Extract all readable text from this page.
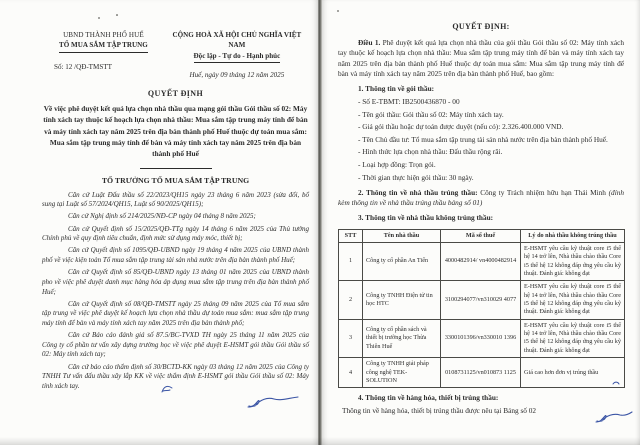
UBND THÀNH PHỐ HUẾ
TỔ MUA SẮM TẬP TRUNG
Số: 12 /QĐ-TMSTT
CỘNG HOÀ XÃ HỘI CHỦ NGHĨA VIỆT NAM
Độc lập - Tự do - Hạnh phúc
Huế, ngày 09 tháng 12 năm 2025
QUYẾT ĐỊNH
Về việc phê duyệt kết quả lựa chọn nhà thầu qua mạng gói thầu Gói thầu số 02: Máy tính xách tay thuộc kế hoạch lựa chọn nhà thầu: Mua sắm tập trung máy tính để bàn và máy tính xách tay năm 2025 trên địa bàn thành phố Huế thuộc dự toán mua sắm: Mua sắm tập trung máy tính để bàn và máy tính xách tay năm 2025 trên địa bàn thành phố Huế
TỔ TRƯỞNG TỔ MUA SẮM TẬP TRUNG

Căn cứ Luật Đấu thầu số 22/2023/QH15 ngày 23 tháng 6 năm 2023 (sửa đổi, bổ sung tại Luật số 57/2024/QH15, Luật số 90/2025/QH15);

Căn cứ Nghị định số 214/2025/NĐ-CP ngày 04 tháng 8 năm 2025;

Căn cứ Quyết định số 15/2025/QĐ-TTg ngày 14 tháng 6 năm 2025 của Thủ tướng Chính phủ về quy định tiêu chuẩn, định mức sử dụng máy móc, thiết bị;

Căn cứ Quyết định số 1095/QĐ-UBND ngày 19 tháng 4 năm 2025 của UBND thành phố về việc kiện toàn Tổ mua sắm tập trung tài sản nhà nước trên địa bàn thành phố Huế;

Căn cứ Quyết định số 85/QĐ-UBND ngày 13 tháng 01 năm 2025 của UBND thành pho về việc phê duyệt danh mục hàng hóa áp dụng mua sắm tập trung trên địa bàn thành phố Huế;

Căn cứ Quyết định số 08/QĐ-TMSTT ngày 25 tháng 09 năm 2025 của Tổ mua sắm tập trung về việc phê duyệt kế hoạch lựa chọn nhà thầu dự toán mua sắm: mua sắm tập trung máy tính để bàn và máy tính xách tay năm 2025 trên địa bàn thành phố;

Căn cứ Báo cáo đánh giá số 87.5/BC-TVXD TH ngày 25 tháng 11 năm 2025 của Công ty cổ phần tư vấn xây dựng trường học về việc phê duyệt E-HSMT gói thầu Gói thầu số 02: Máy tính xách tay;

Căn cứ báo cáo thẩm định số 30/BCTD-KK ngày 03 tháng 12 năm 2025 của Công ty TNHH Tư vấn đấu thầu xây lắp KK về việc thẩm định E-HSMT gói thầu Gói thầu số 02: Máy tính xách tay.

QUYẾT ĐỊNH:

Điều 1. Phê duyệt kết quả lựa chọn nhà thầu của gói thầu Gói thầu số 02: Máy tính xách tay thuộc kế hoạch lựa chọn nhà thầu: Mua sắm tập trung máy tính để bàn và máy tính xách tay năm 2025 trên địa bàn thành phố Huế thuộc dự toán mua sắm: Mua sắm tập trung máy tính để bàn và máy tính xách tay năm 2025 trên địa bàn thành phố Huế, bao gồm:

1. Thông tin về gói thầu:

- Số E-TBMT: IB2500436870 - 00

- Tên gói thầu: Gói thầu số 02: Máy tính xách tay.

- Giá gói thầu hoặc dự toán được duyệt (nếu có): 2.326.400.000 VND.

- Tên Chủ đầu tư: Tổ mua sắm tập trung tài sản nhà nước trên địa bàn thành phố Huế.

- Hình thức lựa chọn nhà thầu: Đấu thầu rộng rãi.

- Loại hợp đồng: Trọn gói.

- Thời gian thực hiện gói thầu: 30 ngày.

2. Thông tin về nhà thầu trúng thầu: Công ty Trách nhiệm hữu hạn Thái Minh (đính kèm thông tin về nhà thầu trúng thầu bảng số 01)

3. Thông tin về nhà thầu không trúng thầu:

STT	Tên nhà thầu	Mã số thuế	Lý do nhà thầu không trúng thầu
1	Công ty cổ phần An Tiến	4000482914/ vn4000482914	E-HSMT yêu cầu kỹ thuật core i5 thế hệ 14 trở lên, Nhà thầu chào thầu Core i5 thế hệ 12 không đáp ứng yêu cầu kỹ thuật. Đánh giá: không đạt
2	Công ty TNHH Điện tử tin học HTC	3100294077/vn310029 4077	E-HSMT yêu cầu kỹ thuật core i5 thế hệ 14 trở lên, Nhà thầu chào thầu Core i5 thế hệ 12 không đáp ứng yêu cầu kỹ thuật. Đánh giá: không đạt
3	Công ty cổ phần sách và thiết bị trường học Thừa Thiên Huế	3300101396/vn330010 1396	E-HSMT yêu cầu kỹ thuật core i5 thế hệ 14 trở lên, Nhà thầu chào thầu Core i5 thế hệ 12 không đáp ứng yêu cầu kỹ thuật. Đánh giá: không đạt
4	Công ty TNHH giải pháp công nghệ TEK-SOLUTION	0108731125/vn010873 1125	Giá cao hơn đơn vị trúng thầu

4. Thông tin về hàng hóa, thiết bị trúng thầu:

Thông tin về hàng hóa, thiết bị trúng thầu được nêu tại Bảng số 02
